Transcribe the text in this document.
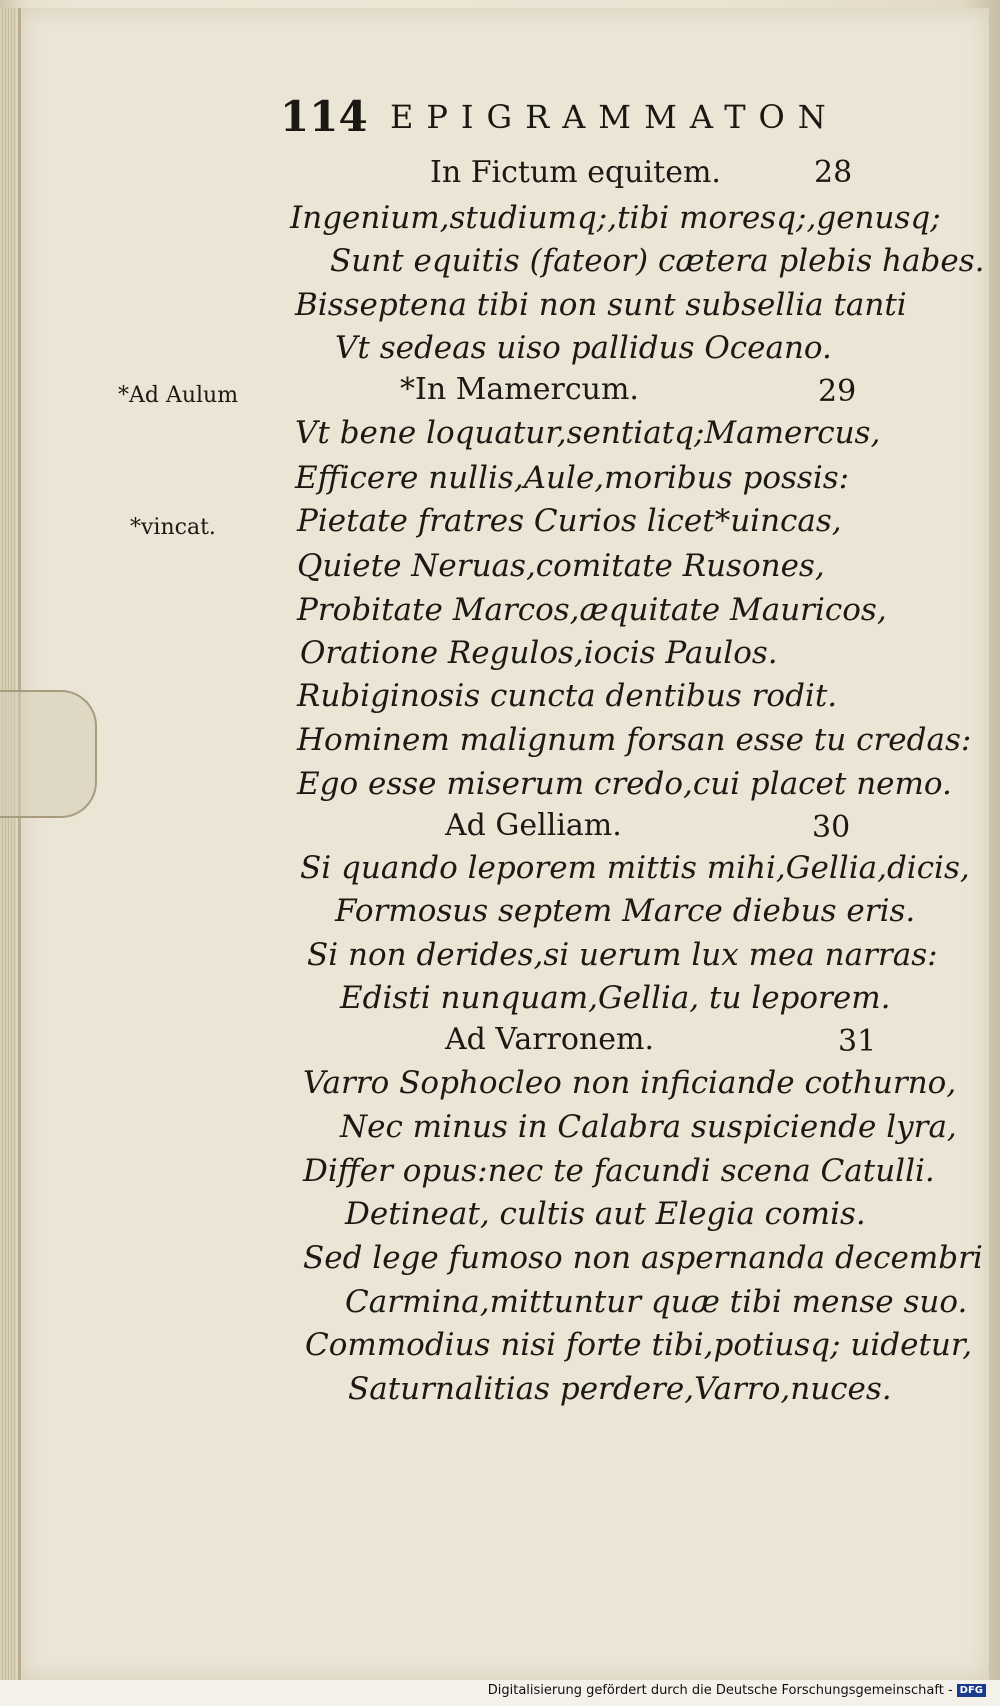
114 EPIGRAMMATON
In Fictum equitem.	28
Ingenium,studiumq;,tibi moresq;,genusq;
Sunt equitis (fateor) cætera plebis habes.
Bisseptena tibi non sunt subsellia tanti
Vt sedeas uiso pallidus Oceano.
*Ad Aulum	*In Mamercum.	29
Vt bene loquatur,sentiatq;Mamercus,
Efficere nullis,Aule,moribus possis:
*vincat.	Pietate fratres Curios licet*uincas,
Quiete Neruas,comitate Rusones,
Probitate Marcos,æquitate Mauricos,
Oratione Regulos,iocis Paulos.
Rubiginosis cuncta dentibus rodit.
Hominem malignum forsan esse tu credas:
Ego esse miserum credo,cui placet nemo.
Ad Gelliam.	30
Si quando leporem mittis mihi,Gellia,dicis,
Formosus septem Marce diebus eris.
Si non derides,si uerum lux mea narras:
Edisti nunquam,Gellia, tu leporem.
Ad Varronem.	31
Varro Sophocleo non inficiande cothurno,
Nec minus in Calabra suspiciende lyra,
Differ opus:nec te facundi scena Catulli.
Detineat, cultis aut Elegia comis.
Sed lege fumoso non aspernanda decembri
Carmina,mittuntur quæ tibi mense suo.
Commodius nisi forte tibi,potiusq; uidetur,
Saturnalitias perdere,Varro,nuces.
Digitalisierung gefördert durch die Deutsche Forschungsgemeinschaft - DFG
